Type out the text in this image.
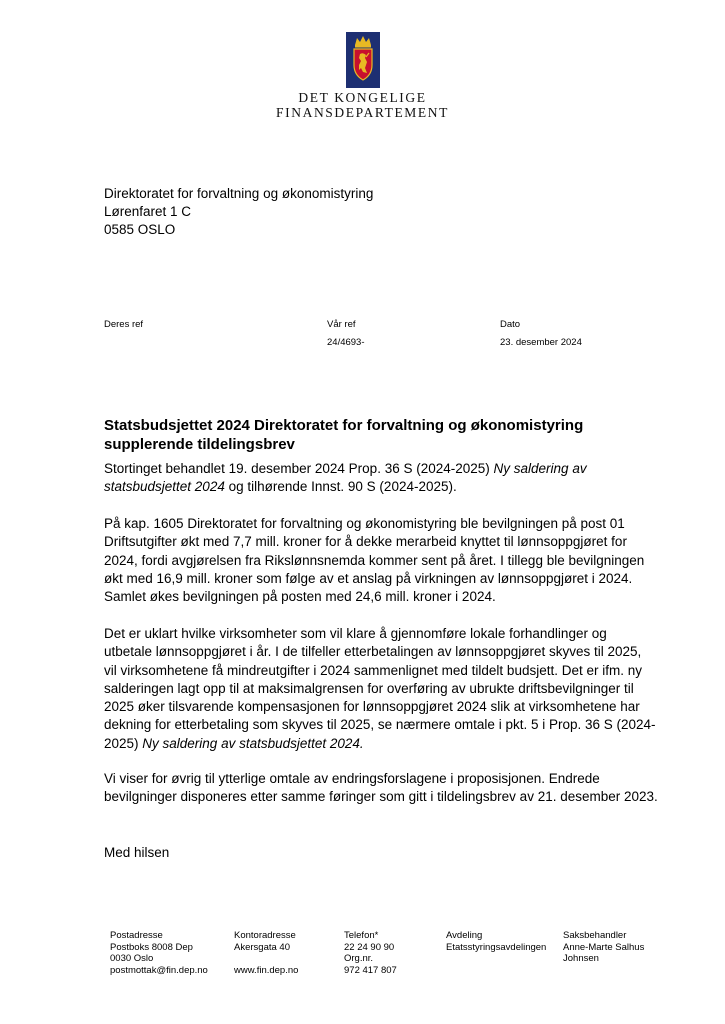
DET KONGELIGE
FINANSDEPARTEMENT
Direktoratet for forvaltning og økonomistyring
Lørenfaret 1 C
0585 OSLO
Deres ref	Vår ref
24/4693-
Dato
23. desember 2024
Statsbudsjettet 2024 Direktoratet for forvaltning og økonomistyring
supplerende tildelingsbrev

Stortinget behandlet 19. desember 2024 Prop. 36 S (2024-2025) Ny saldering av statsbudsjettet 2024 og tilhørende Innst. 90 S (2024-2025).

På kap. 1605 Direktoratet for forvaltning og økonomistyring ble bevilgningen på post 01 Driftsutgifter økt med 7,7 mill. kroner for å dekke merarbeid knyttet til lønnsoppgjøret for 2024, fordi avgjørelsen fra Rikslønnsnemda kommer sent på året. I tillegg ble bevilgningen økt med 16,9 mill. kroner som følge av et anslag på virkningen av lønnsoppgjøret i 2024. Samlet økes bevilgningen på posten med 24,6 mill. kroner i 2024.

Det er uklart hvilke virksomheter som vil klare å gjennomføre lokale forhandlinger og utbetale lønnsoppgjøret i år. I de tilfeller etterbetalingen av lønnsoppgjøret skyves til 2025, vil virksomhetene få mindreutgifter i 2024 sammenlignet med tildelt budsjett. Det er ifm. ny salderingen lagt opp til at maksimalgrensen for overføring av ubrukte driftsbevilgninger til 2025 øker tilsvarende kompensasjonen for lønnsoppgjøret 2024 slik at virksomhetene har dekning for etterbetaling som skyves til 2025, se nærmere omtale i pkt. 5 i Prop. 36 S (2024-2025) Ny saldering av statsbudsjettet 2024.

Vi viser for øvrig til ytterlige omtale av endringsforslagene i proposisjonen. Endrede bevilgninger disponeres etter samme føringer som gitt i tildelingsbrev av 21. desember 2023.

Med hilsen

Postadresse
Postboks 8008 Dep
0030 Oslo
postmottak@fin.dep.no
Kontoradresse
Akersgata 40

www.fin.dep.no
Telefon*
22 24 90 90
Org.nr.
972 417 807
Avdeling
Etatsstyringsavdelingen
Saksbehandler
Anne-Marte Salhus
Johnsen
